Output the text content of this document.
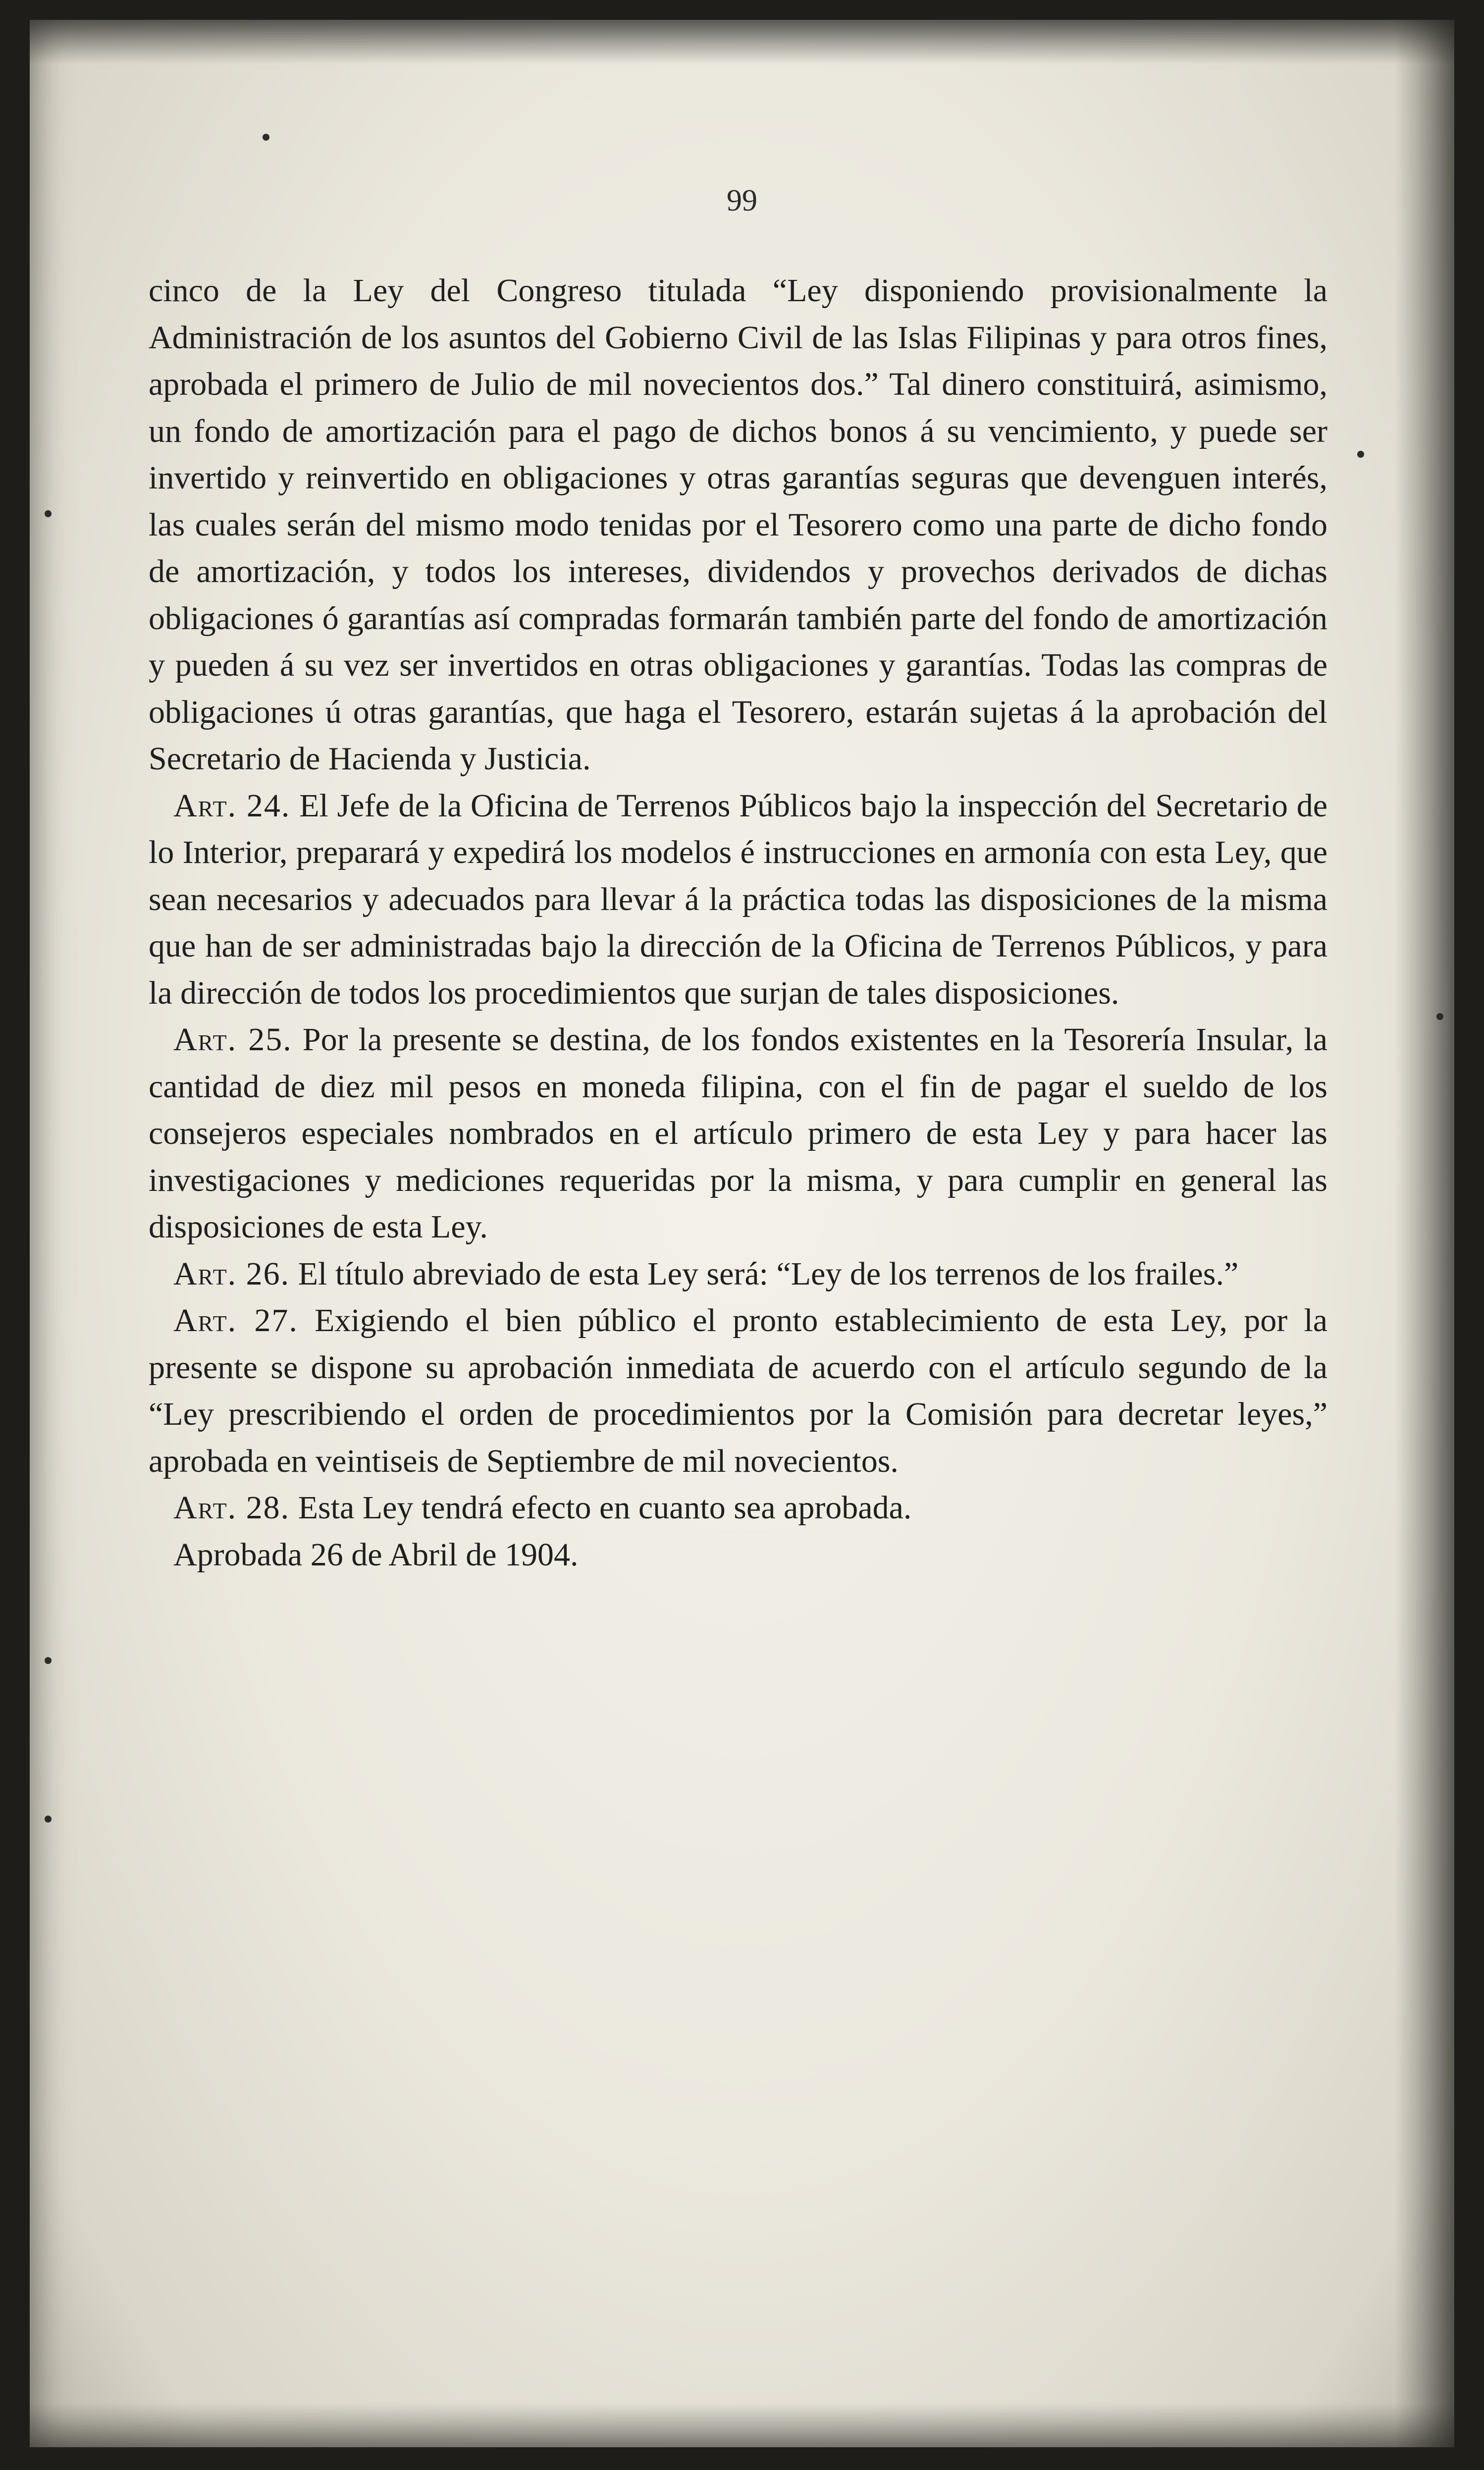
99

cinco de la Ley del Congreso titulada “Ley disponiendo provisionalmente la Administración de los asuntos del Gobierno Civil de las Islas Filipinas y para otros fines, aprobada el primero de Julio de mil novecientos dos.” Tal dinero constituirá, asimismo, un fondo de amortización para el pago de dichos bonos á su vencimiento, y puede ser invertido y reinvertido en obligaciones y otras garantías seguras que devenguen interés, las cuales serán del mismo modo tenidas por el Tesorero como una parte de dicho fondo de amortización, y todos los intereses, dividendos y provechos derivados de dichas obligaciones ó garantías así compradas formarán también parte del fondo de amortización y pueden á su vez ser invertidos en otras obligaciones y garantías. Todas las compras de obligaciones ú otras garantías, que haga el Tesorero, estarán sujetas á la aprobación del Secretario de Hacienda y Justicia.

Art. 24. El Jefe de la Oficina de Terrenos Públicos bajo la inspección del Secretario de lo Interior, preparará y expedirá los modelos é instrucciones en armonía con esta Ley, que sean necesarios y adecuados para llevar á la práctica todas las disposiciones de la misma que han de ser administradas bajo la dirección de la Oficina de Terrenos Públicos, y para la dirección de todos los procedimientos que surjan de tales disposiciones.

Art. 25. Por la presente se destina, de los fondos existentes en la Tesorería Insular, la cantidad de diez mil pesos en moneda filipina, con el fin de pagar el sueldo de los consejeros especiales nombrados en el artículo primero de esta Ley y para hacer las investigaciones y mediciones requeridas por la misma, y para cumplir en general las disposiciones de esta Ley.

Art. 26. El título abreviado de esta Ley será: “Ley de los terrenos de los frailes.”

Art. 27. Exigiendo el bien público el pronto establecimiento de esta Ley, por la presente se dispone su aprobación inmediata de acuerdo con el artículo segundo de la “Ley prescribiendo el orden de procedimientos por la Comisión para decretar leyes,” aprobada en veintiseis de Septiembre de mil novecientos.

Art. 28. Esta Ley tendrá efecto en cuanto sea aprobada.

Aprobada 26 de Abril de 1904.
